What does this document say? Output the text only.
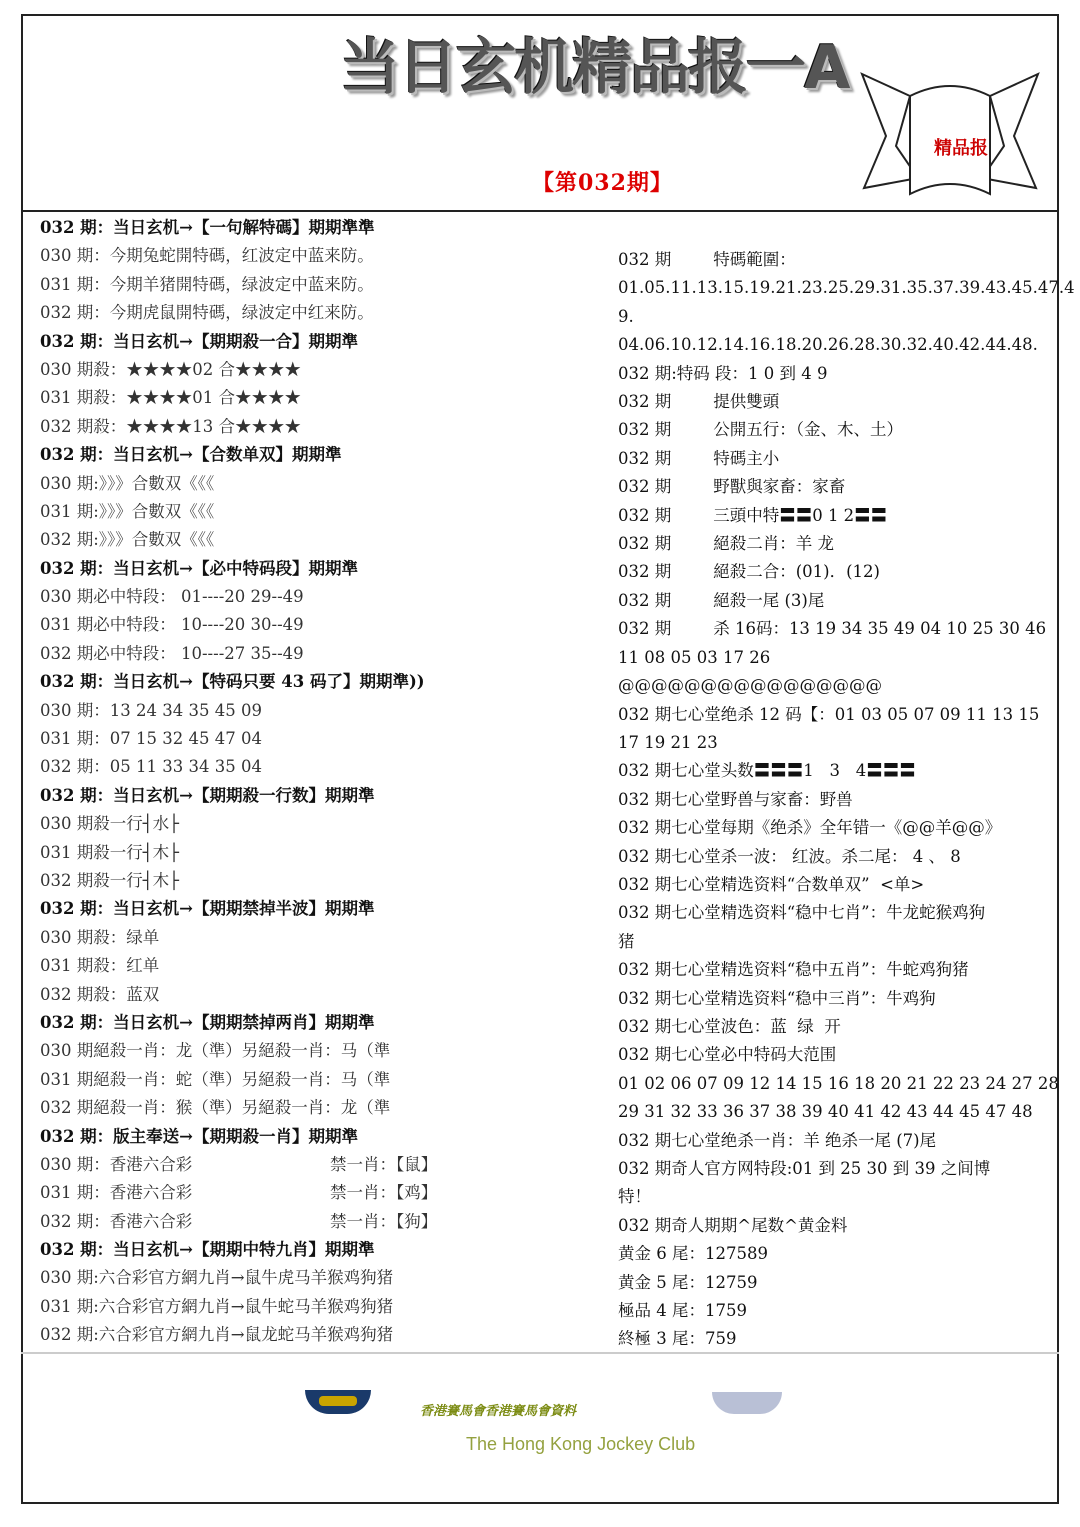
当日玄机精品报一A
精品报
【第032期】
032 期：当日玄机→【一句解特碼】期期準準
030 期：今期兔蛇開特碼，红波定中蓝来防。
031 期：今期羊猪開特碼，绿波定中蓝来防。
032 期：今期虎鼠開特碼，绿波定中红来防。
032 期：当日玄机→【期期殺一合】期期準
030 期殺：★★★★02 合★★★★
031 期殺：★★★★01 合★★★★
032 期殺：★★★★13 合★★★★
032 期：当日玄机→【合数单双】期期準
030 期:》》》合數双《《《
031 期:》》》合數双《《《
032 期:》》》合數双《《《
032 期：当日玄机→【必中特码段】期期準
030 期必中特段： 01----20 29--49
031 期必中特段： 10----20 30--49
032 期必中特段： 10----27 35--49
032 期：当日玄机→【特码只要 43 码了】期期準))
030 期：13 24 34 35 45 09
031 期：07 15 32 45 47 04
032 期：05 11 33 34 35 04
032 期：当日玄机→【期期殺一行数】期期準
030 期殺一行┤水├
031 期殺一行┤木├
032 期殺一行┤木├
032 期：当日玄机→【期期禁掉半波】期期準
030 期殺：绿单
031 期殺：红单
032 期殺：蓝双
032 期：当日玄机→【期期禁掉两肖】期期準
030 期絕殺一肖：龙（準）另絕殺一肖：马（準
031 期絕殺一肖：蛇（準）另絕殺一肖：马（準
032 期絕殺一肖：猴（準）另絕殺一肖：龙（準
032 期：版主奉送→【期期殺一肖】期期準
030 期：香港六合彩	禁一肖：【鼠】
031 期：香港六合彩	禁一肖：【鸡】
032 期：香港六合彩	禁一肖：【狗】
032 期：当日玄机→【期期中特九肖】期期準
030 期:六合彩官方網九肖→鼠牛虎马羊猴鸡狗猪
031 期:六合彩官方網九肖→鼠牛蛇马羊猴鸡狗猪
032 期:六合彩官方網九肖→鼠龙蛇马羊猴鸡狗猪
032 期        特碼範圍：
01.05.11.13.15.19.21.23.25.29.31.35.37.39.43.45.47.4
9.
04.06.10.12.14.16.18.20.26.28.30.32.40.42.44.48.
032 期:特码 段：1 0 到 4 9
032 期        提供雙頭
032 期        公開五行：（金、木、土）
032 期        特碼主小
032 期        野獸與家畜：家畜
032 期        三頭中特〓〓0 1 2〓〓
032 期        絕殺二肖：羊 龙
032 期        絕殺二合：(01)．(12)
032 期        絕殺一尾 (3)尾
032 期        杀 16码：13 19 34 35 49 04 10 25 30 46
11 08 05 03 17 26
@@@@@@@@@@@@@@@@
032 期七心堂绝杀 12 码【：01 03 05 07 09 11 13 15
17 19 21 23
032 期七心堂头数〓〓〓1   3   4〓〓〓
032 期七心堂野兽与家畜：野兽
032 期七心堂每期《绝杀》全年错一《@@羊@@》
032 期七心堂杀一波： 红波。杀二尾： 4 、 8
032 期七心堂精选资料“合数单双”  <单>
032 期七心堂精选资料“稳中七肖”：牛龙蛇猴鸡狗
猪
032 期七心堂精选资料“稳中五肖”：牛蛇鸡狗猪
032 期七心堂精选资料“稳中三肖”：牛鸡狗
032 期七心堂波色：蓝  绿  开
032 期七心堂必中特码大范围
01 02 06 07 09 12 14 15 16 18 20 21 22 23 24 27 28
29 31 32 33 36 37 38 39 40 41 42 43 44 45 47 48
032 期七心堂绝杀一肖：羊 绝杀一尾 (7)尾
032 期奇人官方网特段:01 到 25 30 到 39 之间博
特！
032 期奇人期期^尾数^黄金料
黄金 6 尾：127589
黄金 5 尾：12759
極品 4 尾：1759
終極 3 尾：759
香港賽馬會香港賽馬會資料
The Hong Kong Jockey Club
